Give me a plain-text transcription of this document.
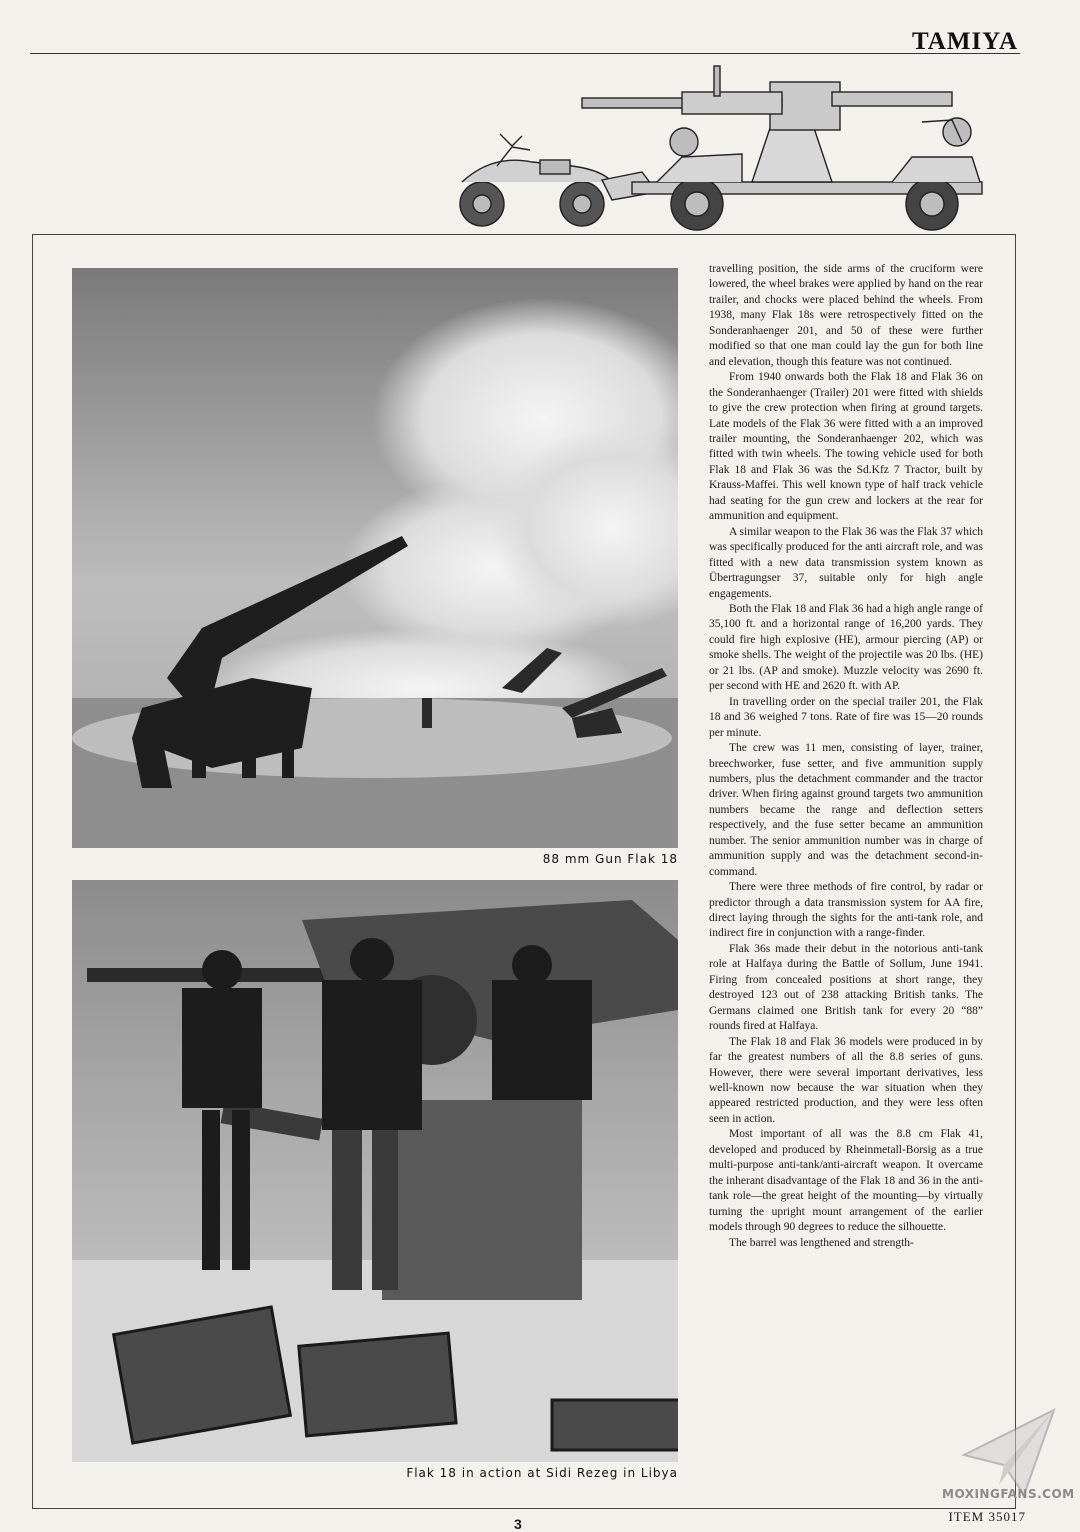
TAMIYA
88 mm Gun Flak 18
Flak 18 in action at Sidi Rezeg in Libya

travelling position, the side arms of the cruciform were lowered, the wheel brakes were applied by hand on the rear trailer, and chocks were placed behind the wheels. From 1938, many Flak 18s were retrospectively fitted on the Sonderanhaenger 201, and 50 of these were further modified so that one man could lay the gun for both line and elevation, though this feature was not continued.

From 1940 onwards both the Flak 18 and Flak 36 on the Sonderanhaenger (Trailer) 201 were fitted with shields to give the crew protection when firing at ground targets. Late models of the Flak 36 were fitted with a an improved trailer mounting, the Sonderanhaenger 202, which was fitted with twin wheels. The towing vehicle used for both Flak 18 and Flak 36 was the Sd.Kfz 7 Tractor, built by Krauss-Maffei. This well known type of half track vehicle had seating for the gun crew and lockers at the rear for ammunition and equipment.

A similar weapon to the Flak 36 was the Flak 37 which was specifically produced for the anti aircraft role, and was fitted with a new data transmission system known as Übertragungser 37, suitable only for high angle engagements.

Both the Flak 18 and Flak 36 had a high angle range of 35,100 ft. and a horizontal range of 16,200 yards. They could fire high explosive (HE), armour piercing (AP) or smoke shells. The weight of the projectile was 20 lbs. (HE) or 21 lbs. (AP and smoke). Muzzle velocity was 2690 ft. per second with HE and 2620 ft. with AP.

In travelling order on the special trailer 201, the Flak 18 and 36 weighed 7 tons. Rate of fire was 15—20 rounds per minute.

The crew was 11 men, consisting of layer, trainer, breechworker, fuse setter, and five ammunition supply numbers, plus the detachment commander and the tractor driver. When firing against ground targets two ammunition numbers became the range and deflection setters respectively, and the fuse setter became an ammunition number. The senior ammunition number was in charge of ammunition supply and was the detachment second-in-command.

There were three methods of fire control, by radar or predictor through a data transmission system for AA fire, direct laying through the sights for the anti-tank role, and indirect fire in conjunction with a range-finder.

Flak 36s made their debut in the notorious anti-tank role at Halfaya during the Battle of Sollum, June 1941. Firing from concealed positions at short range, they destroyed 123 out of 238 attacking British tanks. The Germans claimed one British tank for every 20 “88” rounds fired at Halfaya.

The Flak 18 and Flak 36 models were produced in by far the greatest numbers of all the 8.8 series of guns. However, there were several important derivatives, less well-known now because the war situation when they appeared restricted production, and they were less often seen in action.

Most important of all was the 8.8 cm Flak 41, developed and produced by Rheinmetall-Borsig as a true multi-purpose anti-tank/anti-aircraft weapon. It overcame the inherant disadvantage of the Flak 18 and 36 in the anti-tank role—the great height of the mounting—by virtually turning the upright mount arrangement of the earlier models through 90 degrees to reduce the silhouette.

The barrel was lengthened and strength-

MOXINGFANS.COM
3	ITEM 35017
